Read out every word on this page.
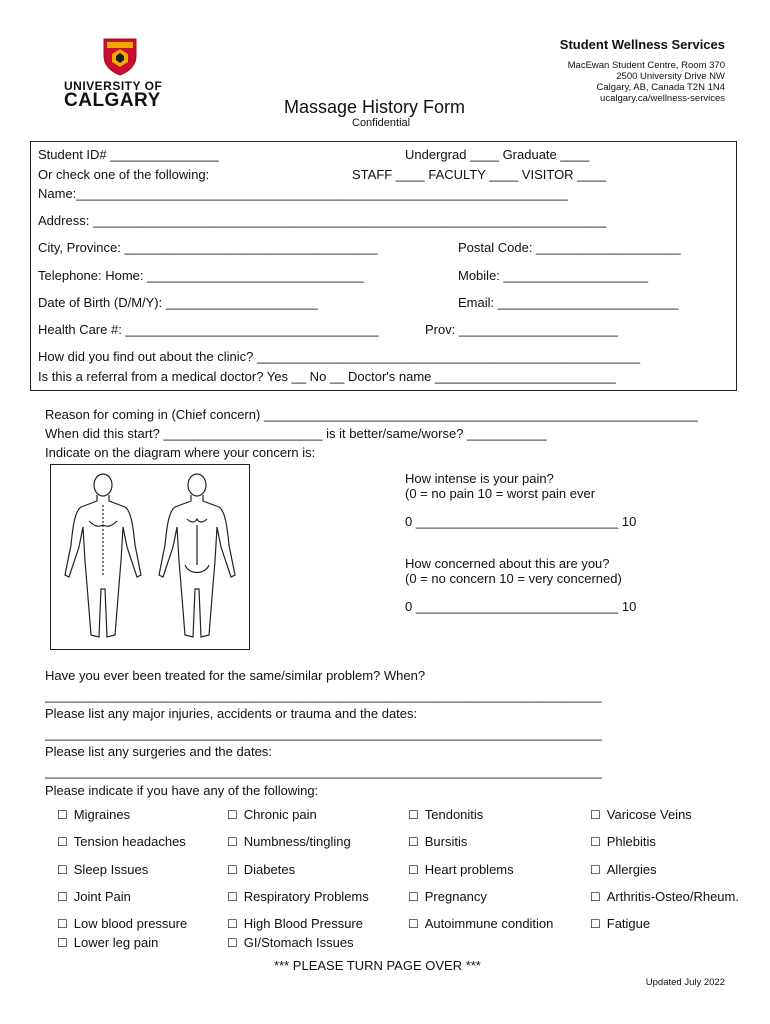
UNIVERSITY OF
CALGARY
Student Wellness Services
MacEwan Student Centre, Room 370
2500 University Drive NW
Calgary, AB, Canada T2N 1N4
ucalgary.ca/wellness-services
Massage History Form
Confidential
Student ID# _______________	Undergrad ____ Graduate ____
Or check one of the following:	STAFF ____ FACULTY ____ VISITOR ____
Name:____________________________________________________________________
Address: _______________________________________________________________________
City, Province: ___________________________________	Postal Code: ____________________
Telephone: Home: ______________________________	Mobile: ____________________
Date of Birth (D/M/Y): _____________________	Email: _________________________
Health Care #: ___________________________________	Prov: ______________________
How did you find out about the clinic? _____________________________________________________
Is this a referral from a medical doctor? Yes __ No __ Doctor's name _________________________
Reason for coming in (Chief concern) ____________________________________________________________
When did this start? ______________________ is it better/same/worse? ___________
Indicate on the diagram where your concern is:
How intense is your pain?
(0 = no pain 10 = worst pain ever
0 ____________________________ 10
How concerned about this are you?
(0 = no concern 10 = very concerned)
0 ____________________________ 10
Have you ever been treated for the same/similar problem? When?
_____________________________________________________________________________
Please list any major injuries, accidents or trauma and the dates:
_____________________________________________________________________________
Please list any surgeries and the dates:
_____________________________________________________________________________
Please indicate if you have any of the following:
☐ Migraines	☐ Chronic pain	☐ Tendonitis	☐ Varicose Veins
☐ Tension headaches	☐ Numbness/tingling	☐ Bursitis	☐ Phlebitis
☐ Sleep Issues	☐ Diabetes	☐ Heart problems	☐ Allergies
☐ Joint Pain	☐ Respiratory Problems	☐ Pregnancy	☐ Arthritis-Osteo/Rheum.
☐ Low blood pressure	☐ High Blood Pressure	☐ Autoimmune condition	☐ Fatigue
☐ Lower leg pain	☐ GI/Stomach Issues
*** PLEASE TURN PAGE OVER ***
Updated July 2022
